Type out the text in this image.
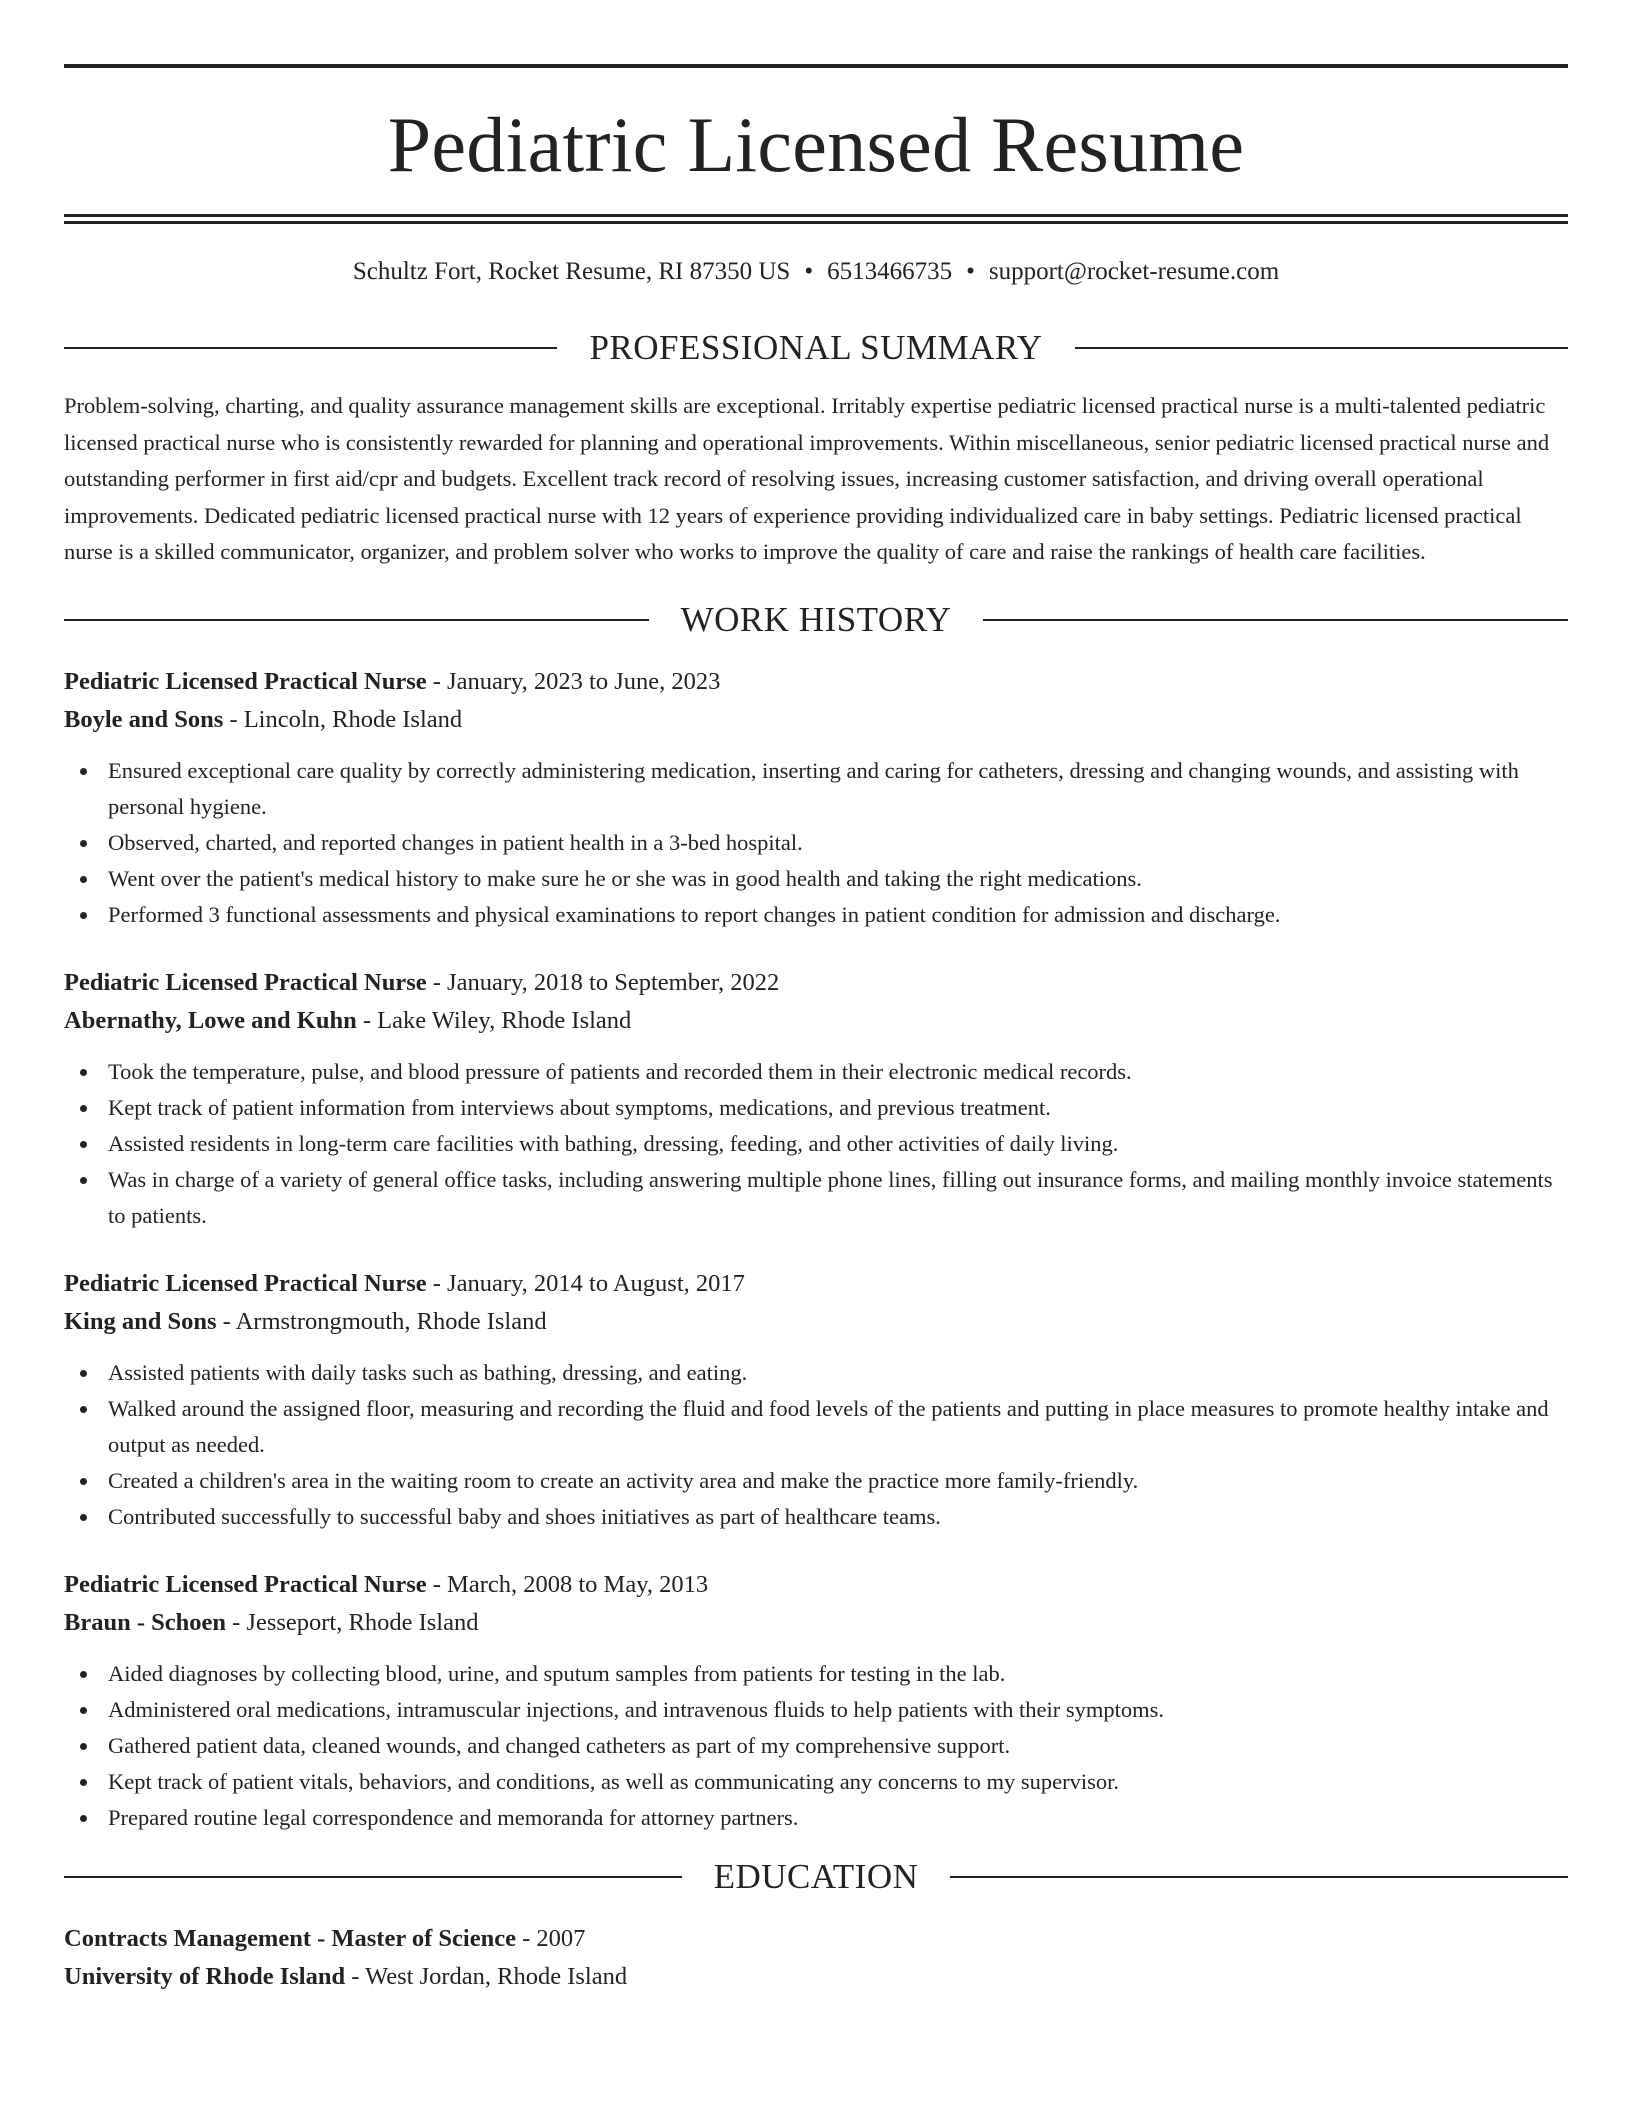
Pediatric Licensed Resume
Schultz Fort, Rocket Resume, RI 87350 US • 6513466735 • support@rocket-resume.com
PROFESSIONAL SUMMARY

Problem-solving, charting, and quality assurance management skills are exceptional. Irritably expertise pediatric licensed practical nurse is a multi-talented pediatric licensed practical nurse who is consistently rewarded for planning and operational improvements. Within miscellaneous, senior pediatric licensed practical nurse and outstanding performer in first aid/cpr and budgets. Excellent track record of resolving issues, increasing customer satisfaction, and driving overall operational improvements. Dedicated pediatric licensed practical nurse with 12 years of experience providing individualized care in baby settings. Pediatric licensed practical nurse is a skilled communicator, organizer, and problem solver who works to improve the quality of care and raise the rankings of health care facilities.

WORK HISTORY
Pediatric Licensed Practical Nurse - January, 2023 to June, 2023
Boyle and Sons - Lincoln, Rhode Island
Ensured exceptional care quality by correctly administering medication, inserting and caring for catheters, dressing and changing wounds, and assisting with personal hygiene.
Observed, charted, and reported changes in patient health in a 3-bed hospital.
Went over the patient's medical history to make sure he or she was in good health and taking the right medications.
Performed 3 functional assessments and physical examinations to report changes in patient condition for admission and discharge.
Pediatric Licensed Practical Nurse - January, 2018 to September, 2022
Abernathy, Lowe and Kuhn - Lake Wiley, Rhode Island
Took the temperature, pulse, and blood pressure of patients and recorded them in their electronic medical records.
Kept track of patient information from interviews about symptoms, medications, and previous treatment.
Assisted residents in long-term care facilities with bathing, dressing, feeding, and other activities of daily living.
Was in charge of a variety of general office tasks, including answering multiple phone lines, filling out insurance forms, and mailing monthly invoice statements to patients.
Pediatric Licensed Practical Nurse - January, 2014 to August, 2017
King and Sons - Armstrongmouth, Rhode Island
Assisted patients with daily tasks such as bathing, dressing, and eating.
Walked around the assigned floor, measuring and recording the fluid and food levels of the patients and putting in place measures to promote healthy intake and output as needed.
Created a children's area in the waiting room to create an activity area and make the practice more family-friendly.
Contributed successfully to successful baby and shoes initiatives as part of healthcare teams.
Pediatric Licensed Practical Nurse - March, 2008 to May, 2013
Braun - Schoen - Jesseport, Rhode Island
Aided diagnoses by collecting blood, urine, and sputum samples from patients for testing in the lab.
Administered oral medications, intramuscular injections, and intravenous fluids to help patients with their symptoms.
Gathered patient data, cleaned wounds, and changed catheters as part of my comprehensive support.
Kept track of patient vitals, behaviors, and conditions, as well as communicating any concerns to my supervisor.
Prepared routine legal correspondence and memoranda for attorney partners.
EDUCATION
Contracts Management - Master of Science - 2007
University of Rhode Island - West Jordan, Rhode Island
